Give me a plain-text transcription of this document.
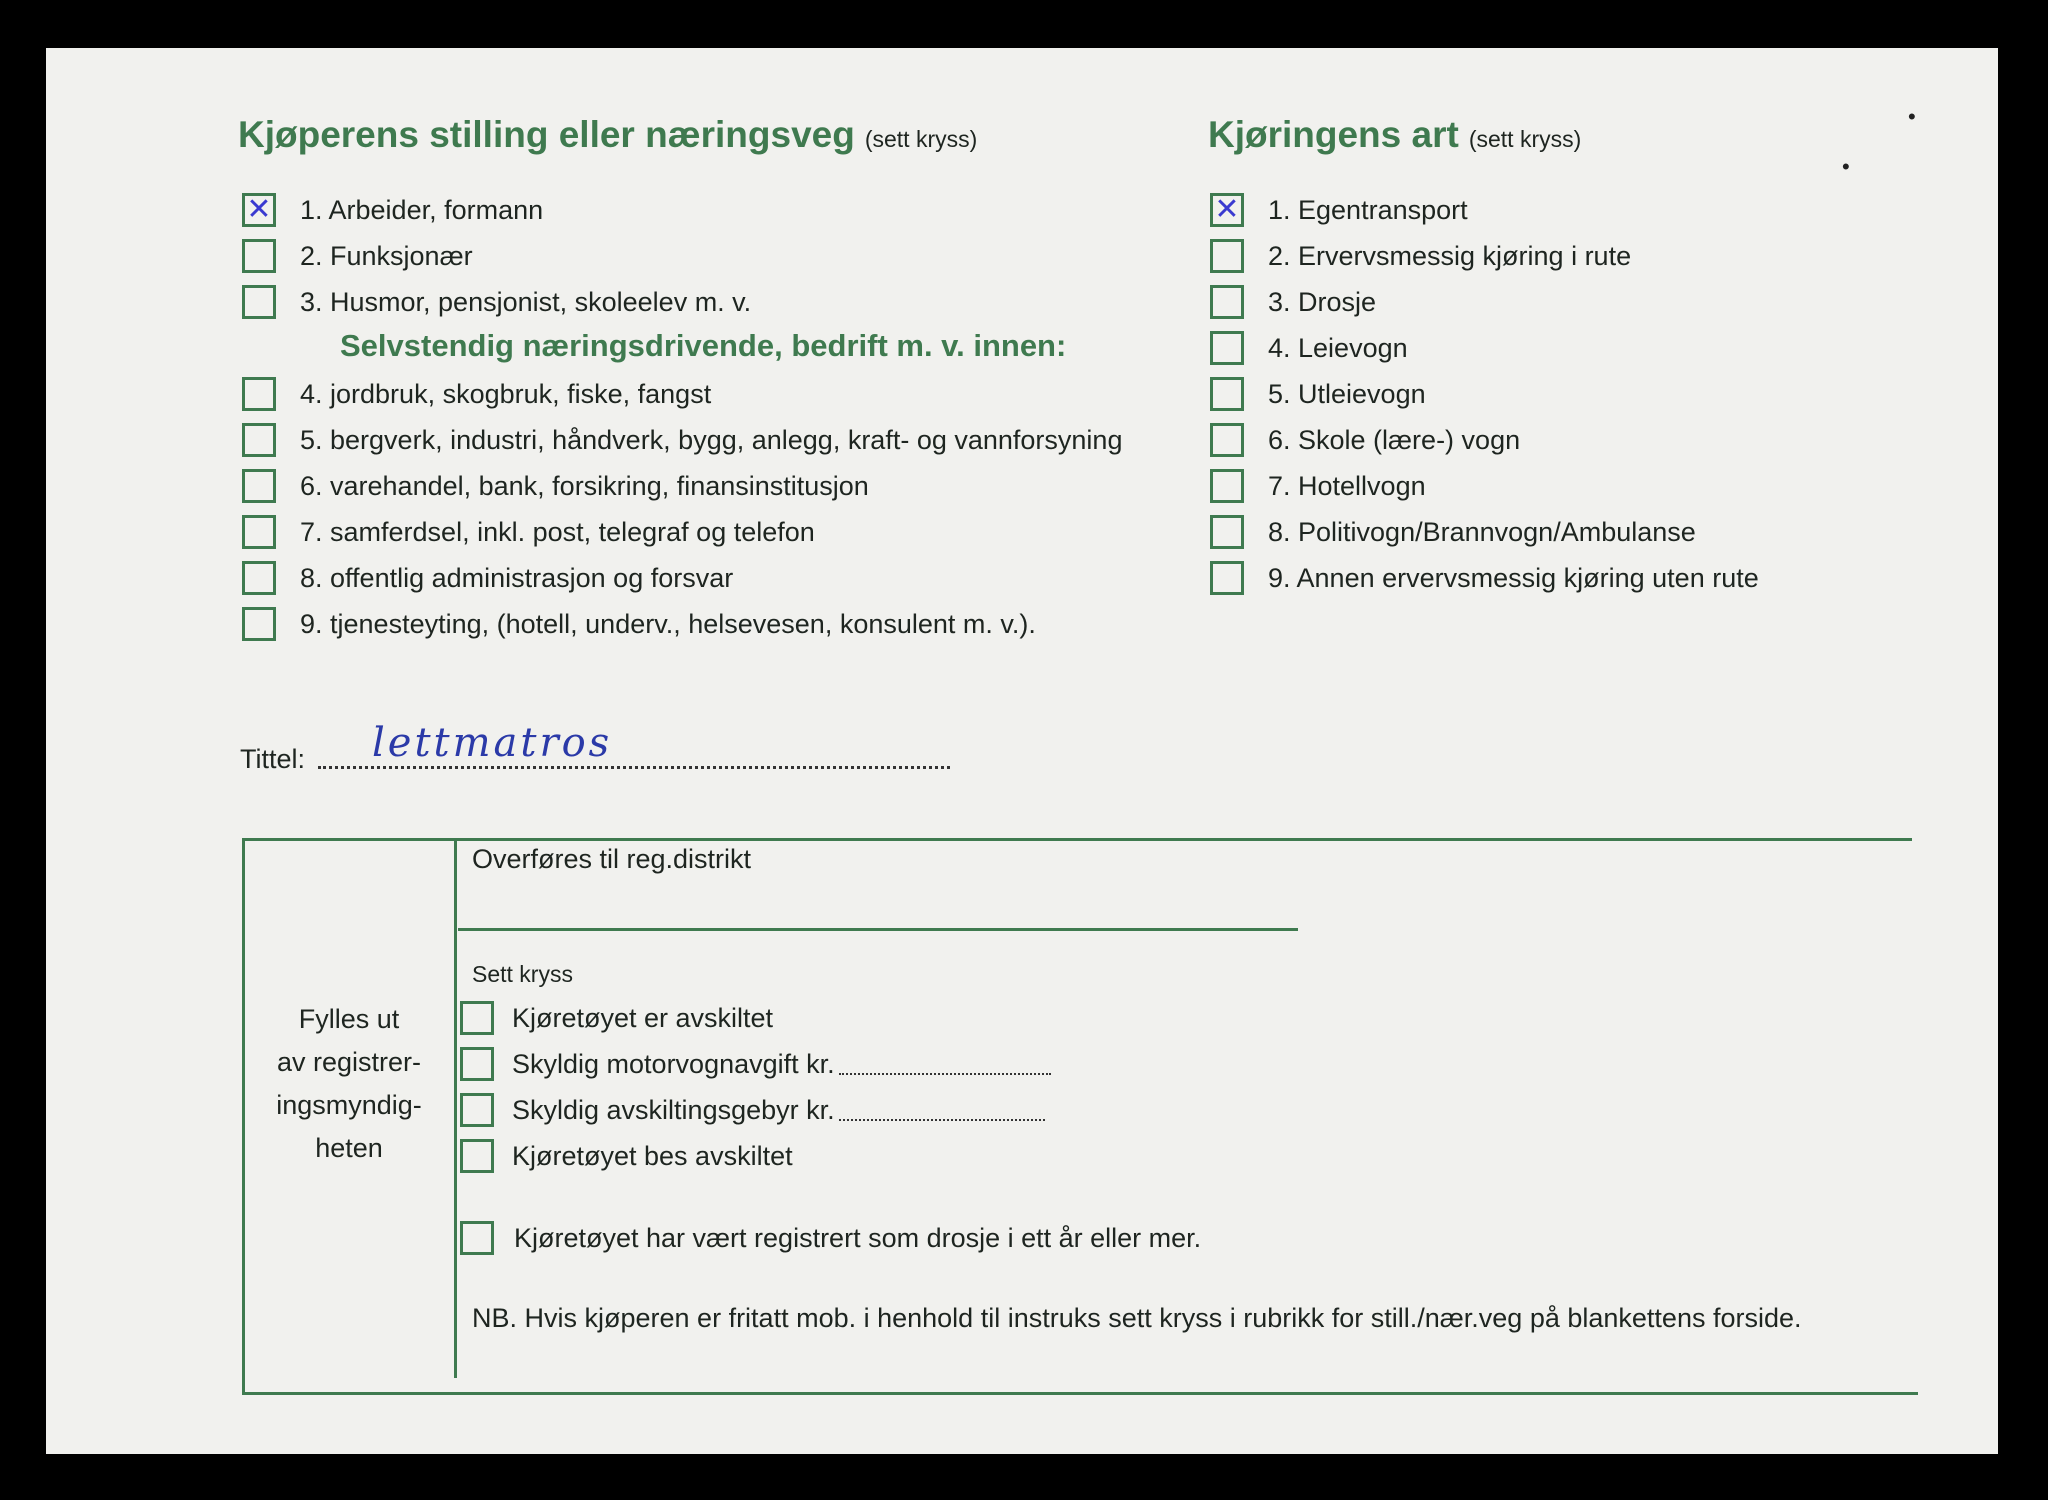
Kjøperens stilling eller næringsveg (sett kryss)	Kjøringens art (sett kryss)
✕ 1. Arbeider, formann
2. Funksjonær
3. Husmor, pensjonist, skoleelev m. v.
Selvstendig næringsdrivende, bedrift m. v. innen:
4. jordbruk, skogbruk, fiske, fangst
5. bergverk, industri, håndverk, bygg, anlegg, kraft- og vannforsyning
6. varehandel, bank, forsikring, finansinstitusjon
7. samferdsel, inkl. post, telegraf og telefon
8. offentlig administrasjon og forsvar
9. tjenesteyting, (hotell, underv., helsevesen, konsulent m. v.).
✕ 1. Egentransport
2. Ervervsmessig kjøring i rute
3. Drosje
4. Leievogn
5. Utleievogn
6. Skole (lære-) vogn
7. Hotellvogn
8. Politivogn/Brannvogn/Ambulanse
9. Annen ervervsmessig kjøring uten rute
Tittel: lettmatros
Fylles ut
av registrer-
ingsmyndig-
heten
Overføres til reg.distrikt
Sett kryss
Kjøretøyet er avskiltet
Skyldig motorvognavgift kr.
Skyldig avskiltingsgebyr kr.
Kjøretøyet bes avskiltet
Kjøretøyet har vært registrert som drosje i ett år eller mer.
NB. Hvis kjøperen er fritatt mob. i henhold til instruks sett kryss i rubrikk for still./nær.veg på blankettens forside.
•
•
